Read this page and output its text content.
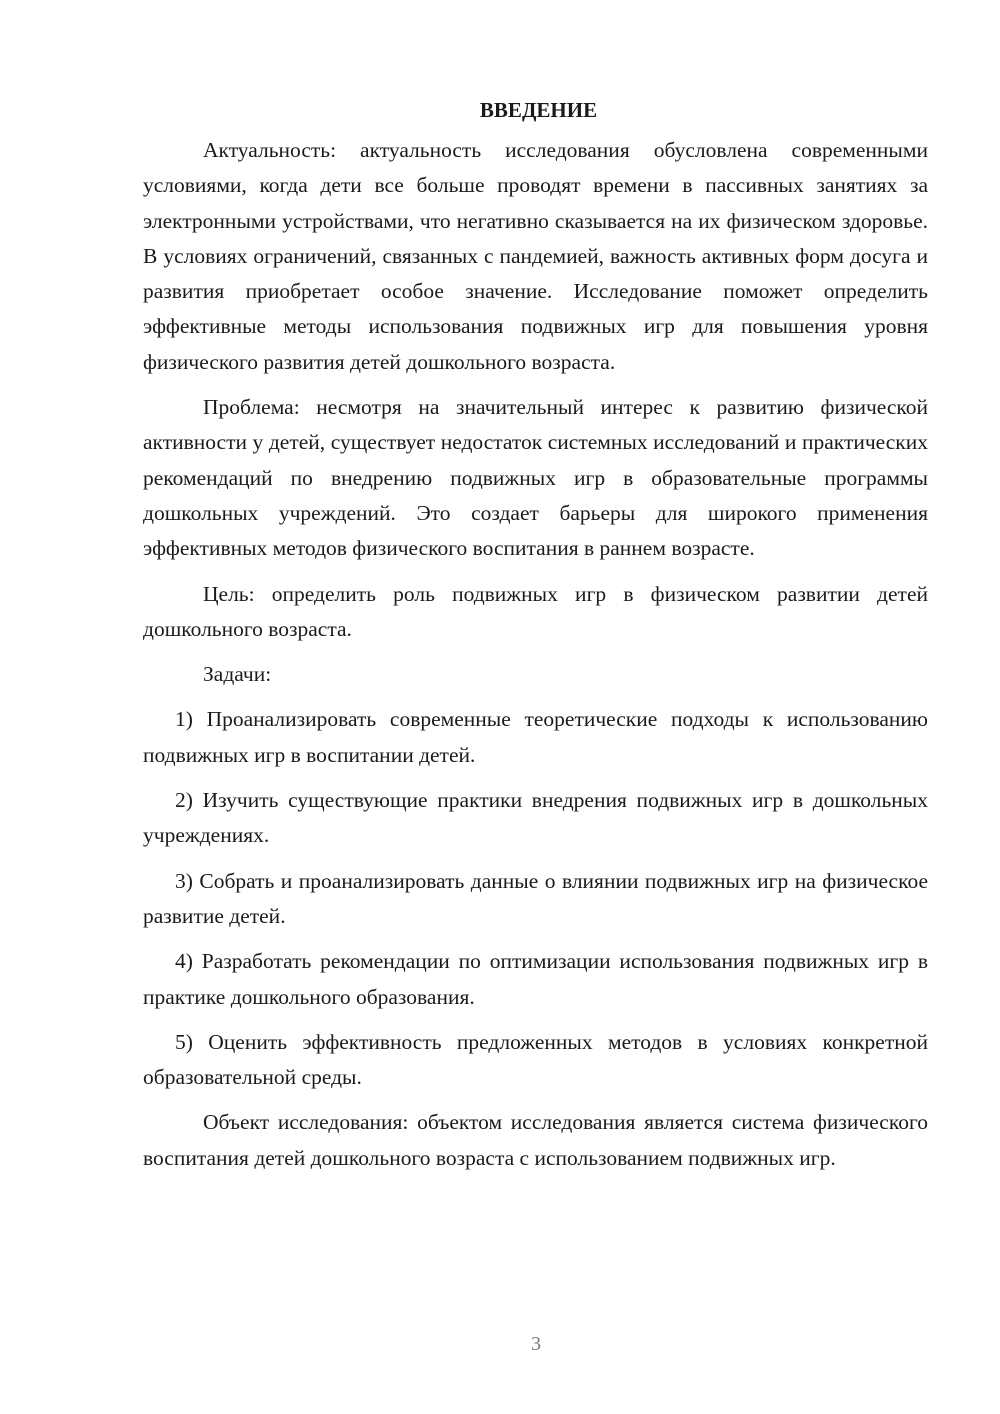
ВВЕДЕНИЕ

Актуальность: актуальность исследования обусловлена современными условиями, когда дети все больше проводят времени в пассивных занятиях за электронными устройствами, что негативно сказывается на их физическом здоровье. В условиях ограничений, связанных с пандемией, важность активных форм досуга и развития приобретает особое значение. Исследование поможет определить эффективные методы использования подвижных игр для повышения уровня физического развития детей дошкольного возраста.

Проблема: несмотря на значительный интерес к развитию физической активности у детей, существует недостаток системных исследований и практических рекомендаций по внедрению подвижных игр в образовательные программы дошкольных учреждений. Это создает барьеры для широкого применения эффективных методов физического воспитания в раннем возрасте.

Цель: определить роль подвижных игр в физическом развитии детей дошкольного возраста.

Задачи:

1) Проанализировать современные теоретические подходы к использованию подвижных игр в воспитании детей.

2) Изучить существующие практики внедрения подвижных игр в дошкольных учреждениях.

3) Собрать и проанализировать данные о влиянии подвижных игр на физическое развитие детей.

4) Разработать рекомендации по оптимизации использования подвижных игр в практике дошкольного образования.

5) Оценить эффективность предложенных методов в условиях конкретной образовательной среды.

Объект исследования: объектом исследования является система физического воспитания детей дошкольного возраста с использованием подвижных игр.

3
